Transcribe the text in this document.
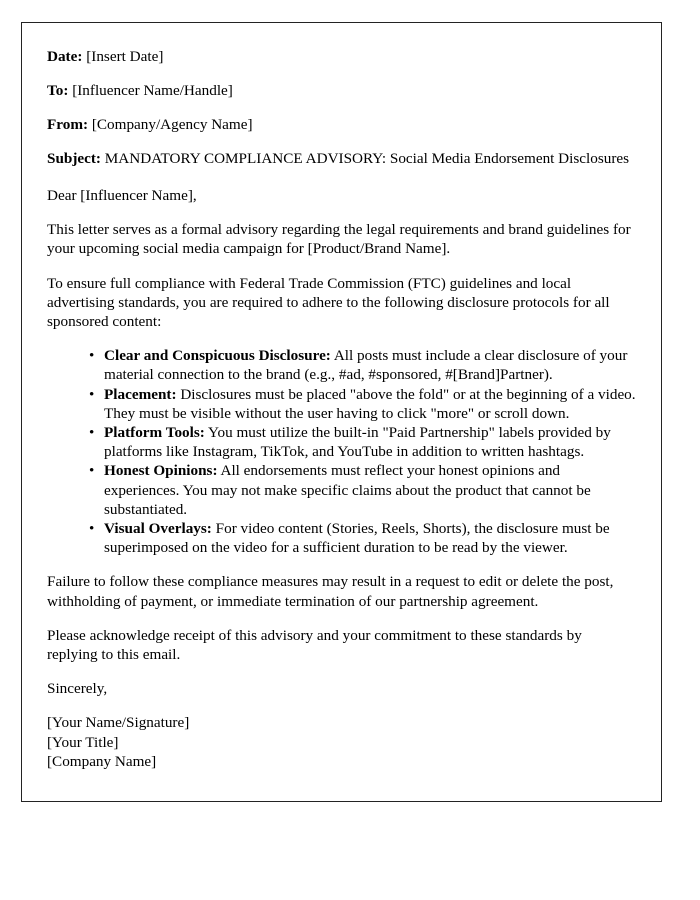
Date: [Insert Date]
To: [Influencer Name/Handle]
From: [Company/Agency Name]
Subject: MANDATORY COMPLIANCE ADVISORY: Social Media Endorsement Disclosures

Dear [Influencer Name],

This letter serves as a formal advisory regarding the legal requirements and brand guidelines for your upcoming social media campaign for [Product/Brand Name].

To ensure full compliance with Federal Trade Commission (FTC) guidelines and local advertising standards, you are required to adhere to the following disclosure protocols for all sponsored content:

• Clear and Conspicuous Disclosure: All posts must include a clear disclosure of your material connection to the brand (e.g., #ad, #sponsored, #[Brand]Partner).
• Placement: Disclosures must be placed "above the fold" or at the beginning of a video. They must be visible without the user having to click "more" or scroll down.
• Platform Tools: You must utilize the built-in "Paid Partnership" labels provided by platforms like Instagram, TikTok, and YouTube in addition to written hashtags.
• Honest Opinions: All endorsements must reflect your honest opinions and experiences. You may not make specific claims about the product that cannot be substantiated.
• Visual Overlays: For video content (Stories, Reels, Shorts), the disclosure must be superimposed on the video for a sufficient duration to be read by the viewer.

Failure to follow these compliance measures may result in a request to edit or delete the post, withholding of payment, or immediate termination of our partnership agreement.

Please acknowledge receipt of this advisory and your commitment to these standards by replying to this email.

Sincerely,

[Your Name/Signature]
[Your Title]
[Company Name]
